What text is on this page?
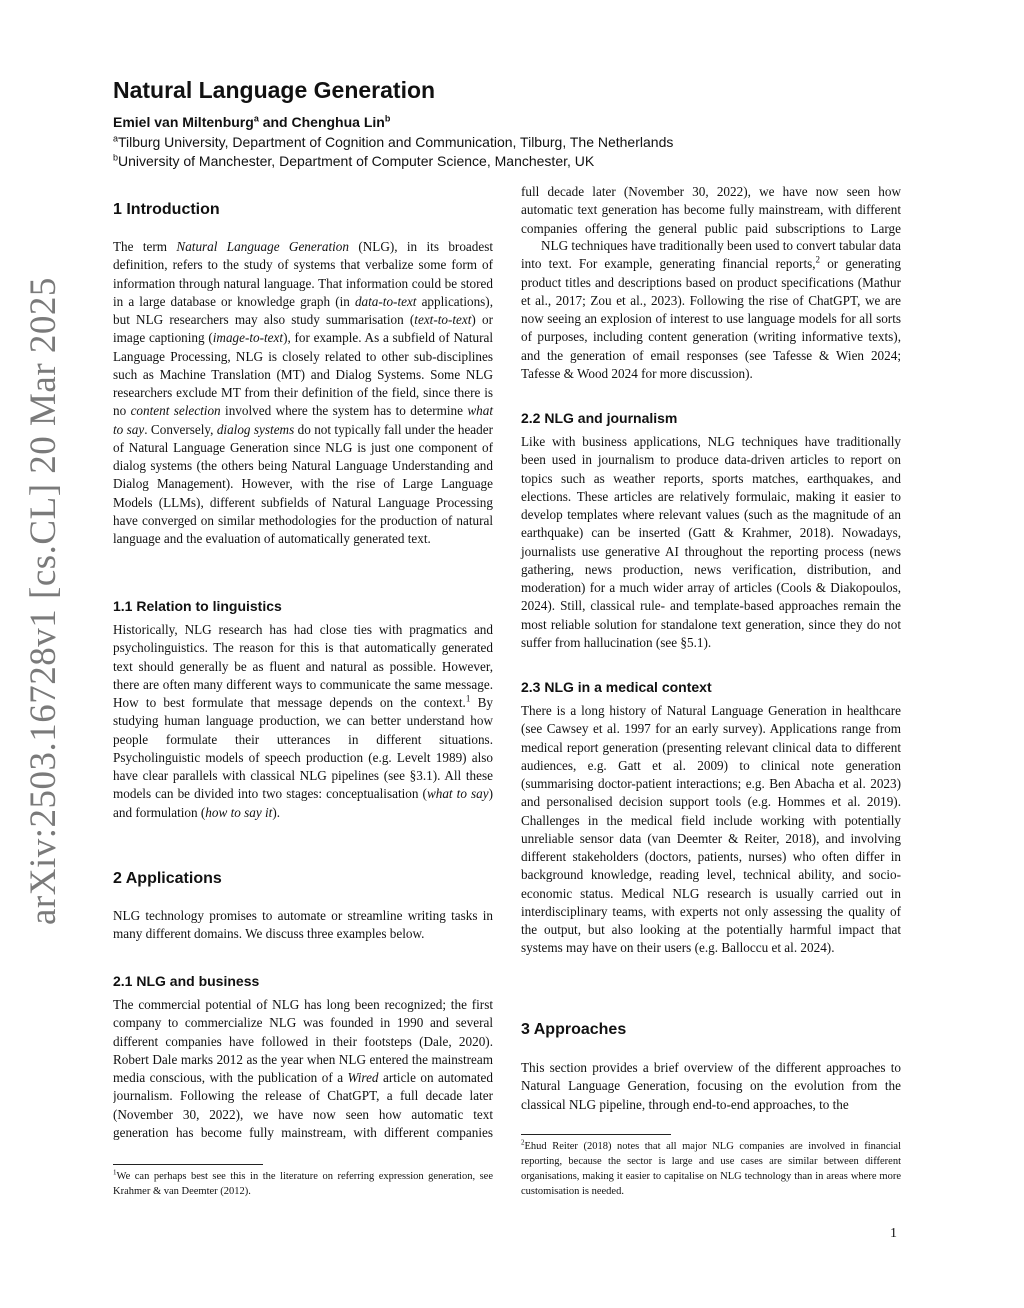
arXiv:2503.16728v1 [cs.CL] 20 Mar 2025
Natural Language Generation
Emiel van Miltenburg$^a$ and Chenghua Lin$^b$
$^a$Tilburg University, Department of Cognition and Communication, Tilburg, The Netherlands
$^b$University of Manchester, Department of Computer Science, Manchester, UK
1 Introduction

The term Natural Language Generation (NLG), in its broadest definition, refers to the study of systems that verbalize some form of information through natural language. That information could be stored in a large database or knowledge graph (in data-to-text applications), but NLG researchers may also study summarisation (text-to-text) or image captioning (image-to-text), for example. As a subfield of Natural Language Processing, NLG is closely related to other sub-disciplines such as Machine Translation (MT) and Dialog Systems. Some NLG researchers exclude MT from their definition of the field, since there is no content selection involved where the system has to determine what to say. Conversely, dialog systems do not typically fall under the header of Natural Language Generation since NLG is just one component of dialog systems (the others being Natural Language Understanding and Dialog Management). However, with the rise of Large Language Models (LLMs), different subfields of Natural Language Processing have converged on similar methodologies for the production of natural language and the evaluation of automatically generated text.

1.1 Relation to linguistics

Historically, NLG research has had close ties with pragmatics and psycholinguistics. The reason for this is that automatically generated text should generally be as fluent and natural as possible. However, there are often many different ways to communicate the same message. How to best formulate that message depends on the context.$^1$ By studying human language production, we can better understand how people formulate their utterances in different situations. Psycholinguistic models of speech production (e.g. Levelt 1989) also have clear parallels with classical NLG pipelines (see §3.1). All these models can be divided into two stages: conceptualisation (what to say) and formulation (how to say it).

2 Applications

NLG technology promises to automate or streamline writing tasks in many different domains. We discuss three examples below.

2.1 NLG and business

The commercial potential of NLG has long been recognized; the first company to commercialize NLG was founded in 1990 and several different companies have followed in their footsteps (Dale, 2020). Robert Dale marks 2012 as the year when NLG entered the mainstream media conscious, with the publication of a Wired article on automated journalism. Following the release of ChatGPT, a full decade later (November 30, 2022), we have now seen how automatic text generation has become fully mainstream, with different companies

$^1$We can perhaps best see this in the literature on referring expression generation, see Krahmer & van Deemter (2012).

full decade later (November 30, 2022), we have now seen how automatic text generation has become fully mainstream, with different companies offering the general public paid subscriptions to Large

NLG techniques have traditionally been used to convert tabular data into text. For example, generating financial reports,$^2$ or generating product titles and descriptions based on product specifications (Mathur et al., 2017; Zou et al., 2023). Following the rise of ChatGPT, we are now seeing an explosion of interest to use language models for all sorts of purposes, including content generation (writing informative texts), and the generation of email responses (see Tafesse & Wien 2024; Tafesse & Wood 2024 for more discussion).

2.2 NLG and journalism

Like with business applications, NLG techniques have traditionally been used in journalism to produce data-driven articles to report on topics such as weather reports, sports matches, earthquakes, and elections. These articles are relatively formulaic, making it easier to develop templates where relevant values (such as the magnitude of an earthquake) can be inserted (Gatt & Krahmer, 2018). Nowadays, journalists use generative AI throughout the reporting process (news gathering, news production, news verification, distribution, and moderation) for a much wider array of articles (Cools & Diakopoulos, 2024). Still, classical rule- and template-based approaches remain the most reliable solution for standalone text generation, since they do not suffer from hallucination (see §5.1).

2.3 NLG in a medical context

There is a long history of Natural Language Generation in healthcare (see Cawsey et al. 1997 for an early survey). Applications range from medical report generation (presenting relevant clinical data to different audiences, e.g. Gatt et al. 2009) to clinical note generation (summarising doctor-patient interactions; e.g. Ben Abacha et al. 2023) and personalised decision support tools (e.g. Hommes et al. 2019). Challenges in the medical field include working with potentially unreliable sensor data (van Deemter & Reiter, 2018), and involving different stakeholders (doctors, patients, nurses) who often differ in background knowledge, reading level, technical ability, and socio-economic status. Medical NLG research is usually carried out in interdisciplinary teams, with experts not only assessing the quality of the output, but also looking at the potentially harmful impact that systems may have on their users (e.g. Balloccu et al. 2024).

3 Approaches

This section provides a brief overview of the different approaches to Natural Language Generation, focusing on the evolution from the classical NLG pipeline, through end-to-end approaches, to the

$^2$Ehud Reiter (2018) notes that all major NLG companies are involved in financial reporting, because the sector is large and use cases are similar between different organisations, making it easier to capitalise on NLG technology than in areas where more customisation is needed.

1
